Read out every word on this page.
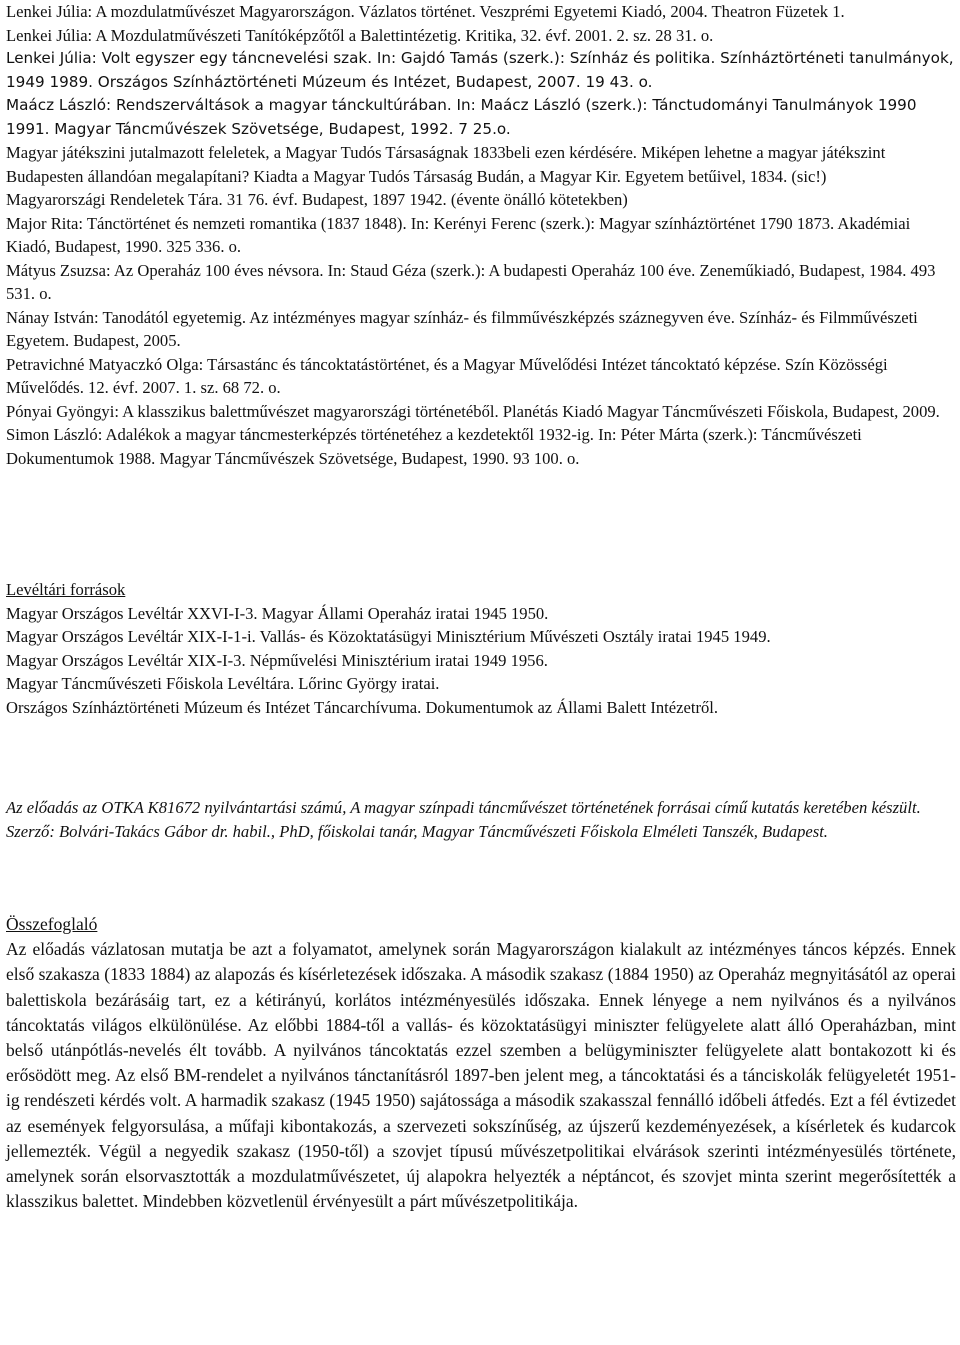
Lenkei Júlia: A mozdulatművészet Magyarországon. Vázlatos történet. Veszprémi Egyetemi Kiadó, 2004. Theatron Füzetek 1.

Lenkei Júlia: A Mozdulatművészeti Tanítóképzőtől a Balettintézetig. Kritika, 32. évf. 2001. 2. sz. 28 31. o.

Lenkei Júlia: Volt egyszer egy táncnevelési szak. In: Gajdó Tamás (szerk.): Színház és politika. Színháztörténeti tanulmányok, 1949 1989. Országos Színháztörténeti Múzeum és Intézet, Budapest, 2007. 19 43. o.

Maácz László: Rendszerváltások a magyar tánckultúrában. In: Maácz László (szerk.): Tánctudományi Tanulmányok 1990 1991. Magyar Táncművészek Szövetsége, Budapest, 1992. 7 25.o.

Magyar játékszini jutalmazott feleletek, a Magyar Tudós Társaságnak 1833beli ezen kérdésére. Miképen lehetne a magyar játékszint Budapesten állandóan megalapítani? Kiadta a Magyar Tudós Társaság Budán, a Magyar Kir. Egyetem betűivel, 1834. (sic!)

Magyarországi Rendeletek Tára. 31 76. évf. Budapest, 1897 1942. (évente önálló kötetekben)

Major Rita: Tánctörténet és nemzeti romantika (1837 1848). In: Kerényi Ferenc (szerk.): Magyar színháztörténet 1790 1873. Akadémiai Kiadó, Budapest, 1990. 325 336. o.

Mátyus Zsuzsa: Az Operaház 100 éves névsora. In: Staud Géza (szerk.): A budapesti Operaház 100 éve. Zeneműkiadó, Budapest, 1984. 493 531. o.

Nánay István: Tanodától egyetemig. Az intézményes magyar színház- és filmművészképzés száznegyven éve. Színház- és Filmművészeti Egyetem. Budapest, 2005.

Petravichné Matyaczkó Olga: Társastánc és táncoktatástörténet, és a Magyar Művelődési Intézet táncoktató képzése. Szín Közösségi Művelődés. 12. évf. 2007. 1. sz. 68 72. o.

Pónyai Gyöngyi: A klasszikus balettművészet magyarországi történetéből. Planétás Kiadó Magyar Táncművészeti Főiskola, Budapest, 2009.

Simon László: Adalékok a magyar táncmesterképzés történetéhez a kezdetektől 1932-ig. In: Péter Márta (szerk.): Táncművészeti Dokumentumok 1988. Magyar Táncművészek Szövetsége, Budapest, 1990. 93 100. o.

Levéltári források

Magyar Országos Levéltár XXVI-I-3. Magyar Állami Operaház iratai 1945 1950.

Magyar Országos Levéltár XIX-I-1-i. Vallás- és Közoktatásügyi Minisztérium Művészeti Osztály iratai 1945 1949.

Magyar Országos Levéltár XIX-I-3. Népművelési Minisztérium iratai 1949 1956.

Magyar Táncművészeti Főiskola Levéltára. Lőrinc György iratai.

Országos Színháztörténeti Múzeum és Intézet Táncarchívuma. Dokumentumok az Állami Balett Intézetről.

Az előadás az OTKA K81672 nyilvántartási számú, A magyar színpadi táncművészet történetének forrásai című kutatás keretében készült. Szerző: Bolvári-Takács Gábor dr. habil., PhD, főiskolai tanár, Magyar Táncművészeti Főiskola Elméleti Tanszék, Budapest.
Összefoglaló

Az előadás vázlatosan mutatja be azt a folyamatot, amelynek során Magyarországon kialakult az intézményes táncos képzés. Ennek első szakasza (1833 1884) az alapozás és kísérletezések időszaka. A második szakasz (1884 1950) az Operaház megnyitásától az operai balettiskola bezárásáig tart, ez a kétirányú, korlátos intézményesülés időszaka. Ennek lényege a nem nyilvános és a nyilvános táncoktatás világos elkülönülése. Az előbbi 1884-től a vallás- és közoktatásügyi miniszter felügyelete alatt álló Operaházban, mint belső utánpótlás-nevelés élt tovább. A nyilvános táncoktatás ezzel szemben a belügyminiszter felügyelete alatt bontakozott ki és erősödött meg. Az első BM-rendelet a nyilvános tánctanításról 1897-ben jelent meg, a táncoktatási és a tánciskolák felügyeletét 1951-ig rendészeti kérdés volt. A harmadik szakasz (1945 1950) sajátossága a második szakasszal fennálló időbeli átfedés. Ezt a fél évtizedet az események felgyorsulása, a műfaji kibontakozás, a szervezeti sokszínűség, az újszerű kezdeményezések, a kísérletek és kudarcok jellemezték. Végül a negyedik szakasz (1950-től) a szovjet típusú művészetpolitikai elvárások szerinti intézményesülés története, amelynek során elsorvasztották a mozdulatművészetet, új alapokra helyezték a néptáncot, és szovjet minta szerint megerősítették a klasszikus balettet. Mindebben közvetlenül érvényesült a párt művészetpolitikája.
